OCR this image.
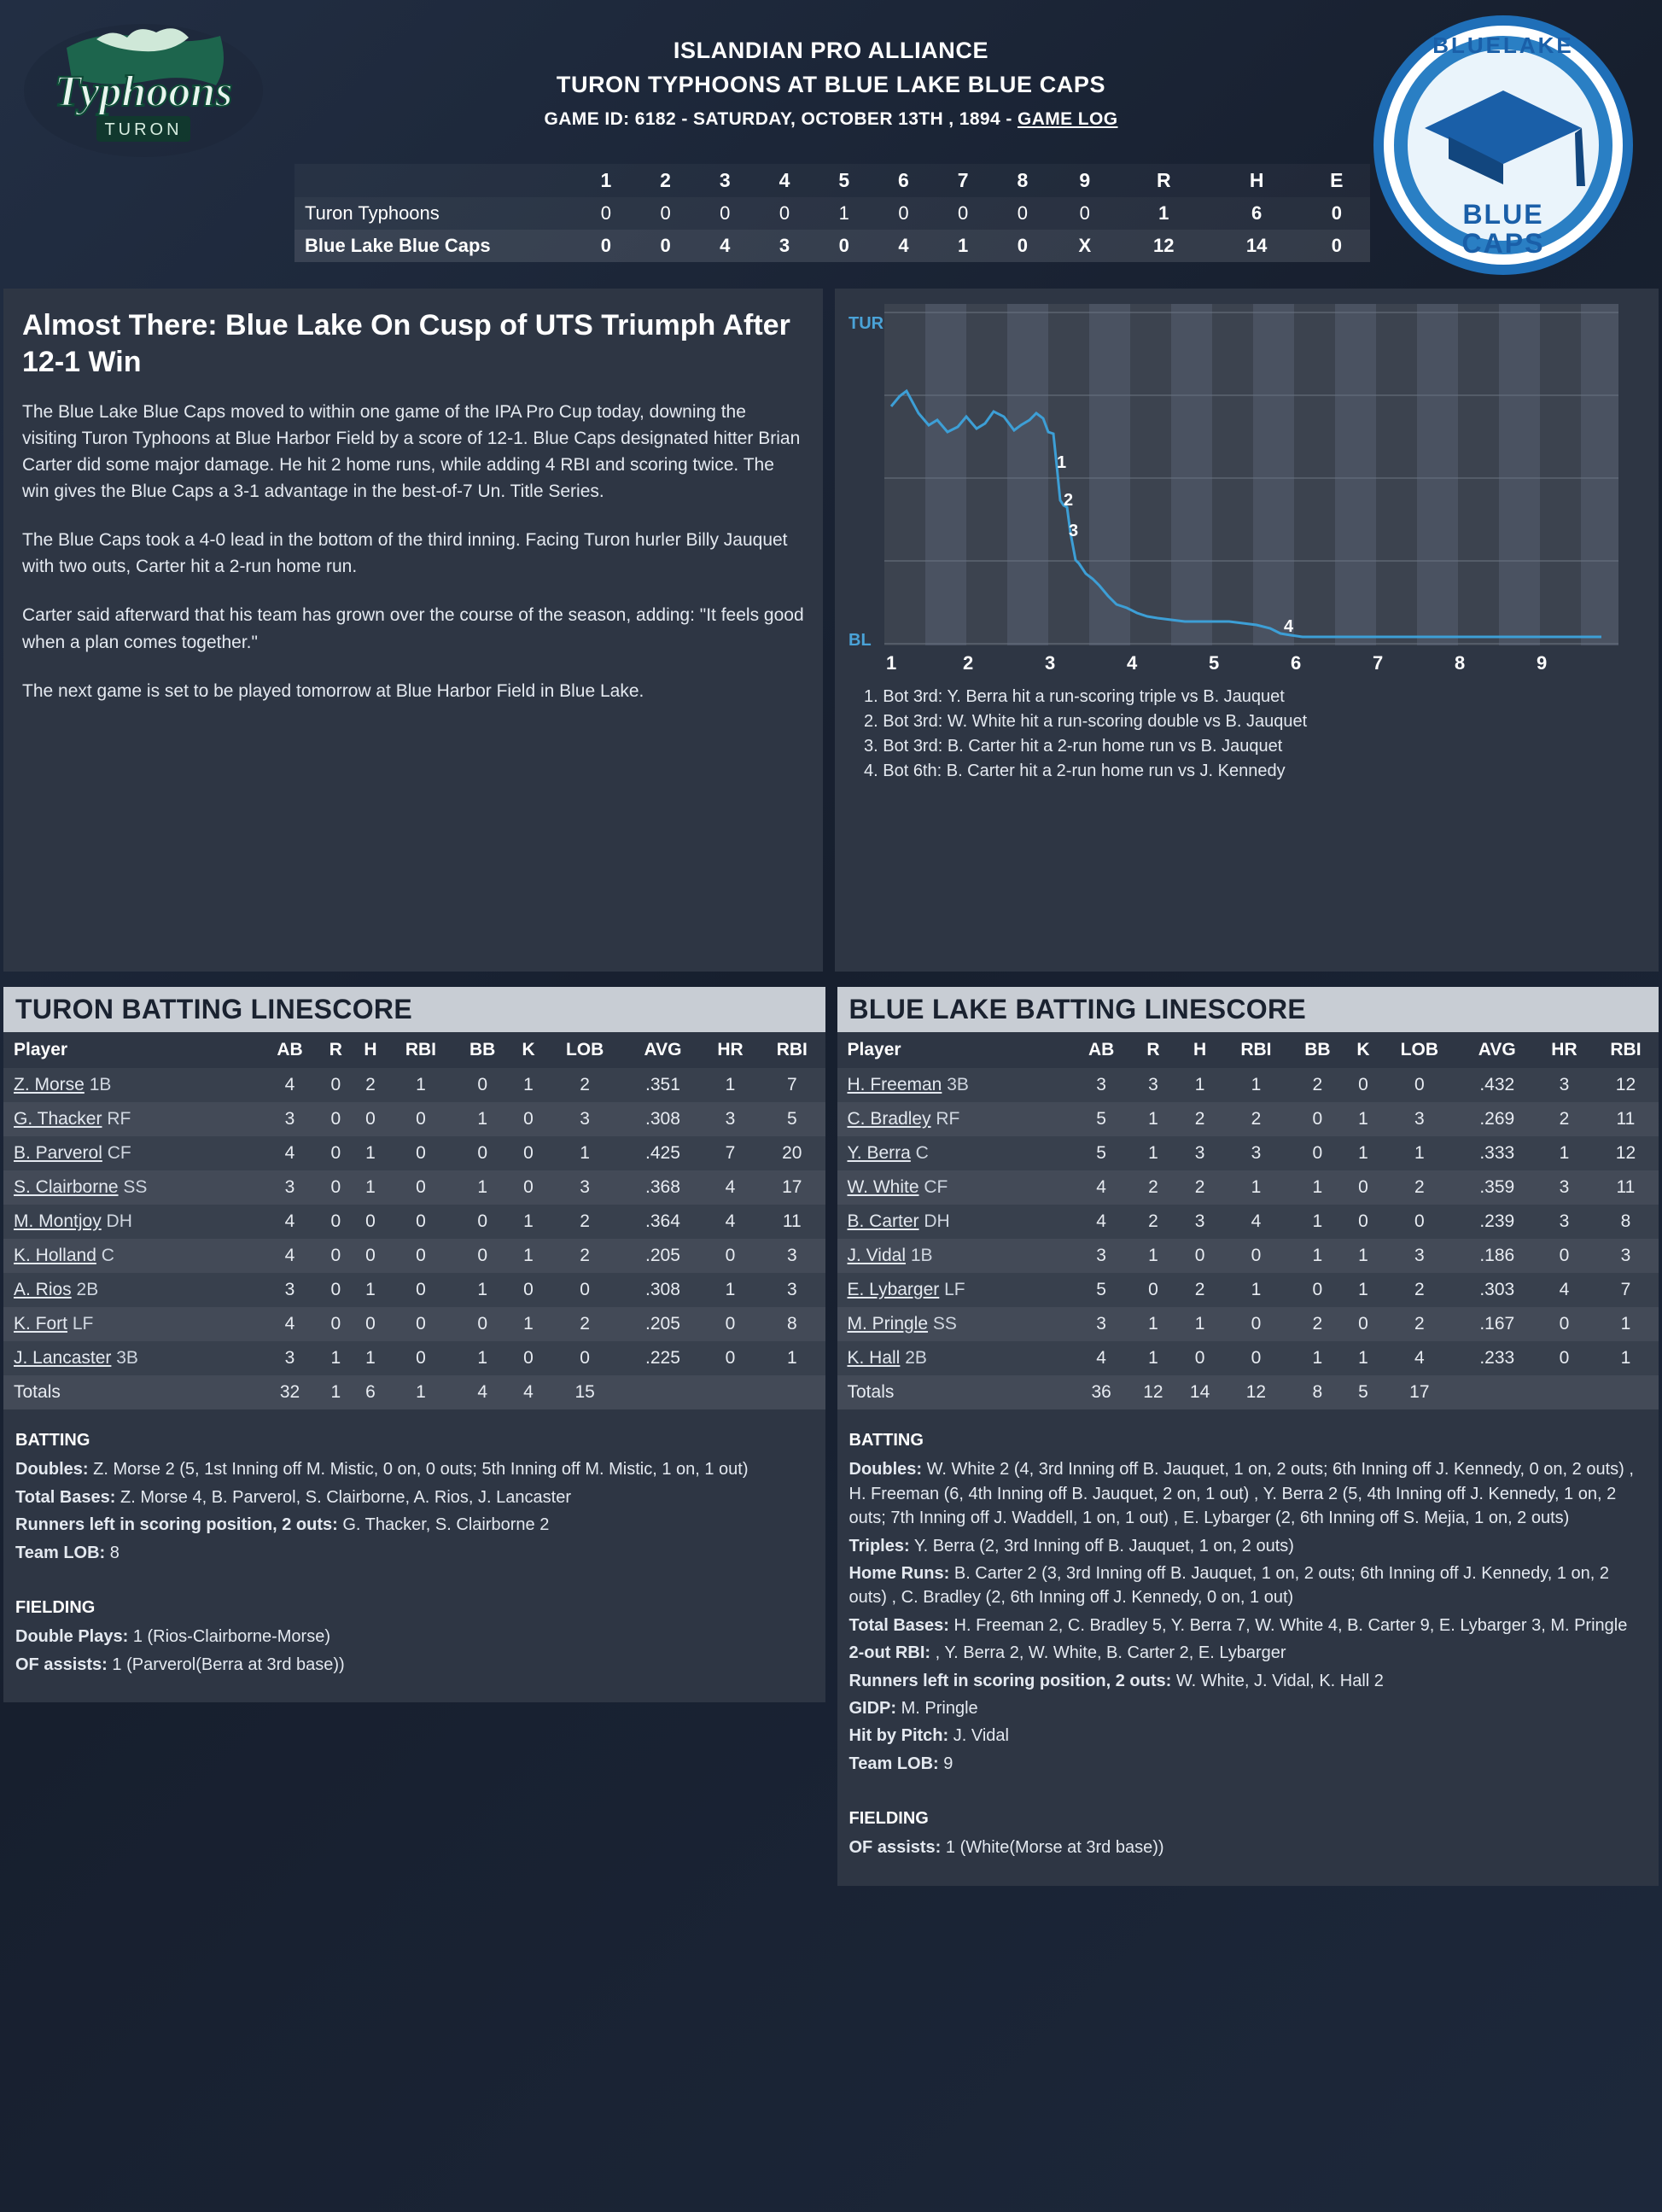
Typhoons
TURON
ISLANDIAN PRO ALLIANCE
TURON TYPHOONS AT BLUE LAKE BLUE CAPS
GAME ID: 6182 - SATURDAY, OCTOBER 13TH , 1894 - GAME LOG
BLUELAKE
BLUE
CAPS
	1	2	3	4	5	6	7	8	9	R	H	E
Turon Typhoons	0	0	0	0	1	0	0	0	0	1	6	0
Blue Lake Blue Caps	0	0	4	3	0	4	1	0	X	12	14	0
Almost There: Blue Lake On Cusp of UTS Triumph After 12-1 Win

The Blue Lake Blue Caps moved to within one game of the IPA Pro Cup today, downing the visiting Turon Typhoons at Blue Harbor Field by a score of 12-1. Blue Caps designated hitter Brian Carter did some major damage. He hit 2 home runs, while adding 4 RBI and scoring twice. The win gives the Blue Caps a 3-1 advantage in the best-of-7 Un. Title Series.

The Blue Caps took a 4-0 lead in the bottom of the third inning. Facing Turon hurler Billy Jauquet with two outs, Carter hit a 2-run home run.

Carter said afterward that his team has grown over the course of the season, adding: "It feels good when a plan comes together."

The next game is set to be played tomorrow at Blue Harbor Field in Blue Lake.

TUR
BL
1
2
3
4
1	2	3	4	5	6	7	8	9
1. Bot 3rd: Y. Berra hit a run-scoring triple vs B. Jauquet
2. Bot 3rd: W. White hit a run-scoring double vs B. Jauquet
3. Bot 3rd: B. Carter hit a 2-run home run vs B. Jauquet
4. Bot 6th: B. Carter hit a 2-run home run vs J. Kennedy
TURON BATTING LINESCORE
Player	AB	R	H	RBI	BB	K	LOB	AVG	HR	RBI
Z. Morse 1B	4	0	2	1	0	1	2	.351	1	7
G. Thacker RF	3	0	0	0	1	0	3	.308	3	5
B. Parverol CF	4	0	1	0	0	0	1	.425	7	20
S. Clairborne SS	3	0	1	0	1	0	3	.368	4	17
M. Montjoy DH	4	0	0	0	0	1	2	.364	4	11
K. Holland C	4	0	0	0	0	1	2	.205	0	3
A. Rios 2B	3	0	1	0	1	0	0	.308	1	3
K. Fort LF	4	0	0	0	0	1	2	.205	0	8
J. Lancaster 3B	3	1	1	0	1	0	0	.225	0	1
Totals	32	1	6	1	4	4	15			
BATTING
Doubles: Z. Morse 2 (5, 1st Inning off M. Mistic, 0 on, 0 outs; 5th Inning off M. Mistic, 1 on, 1 out)
Total Bases: Z. Morse 4, B. Parverol, S. Clairborne, A. Rios, J. Lancaster
Runners left in scoring position, 2 outs: G. Thacker, S. Clairborne 2
Team LOB: 8
FIELDING
Double Plays: 1 (Rios-Clairborne-Morse)
OF assists: 1 (Parverol(Berra at 3rd base))
BLUE LAKE BATTING LINESCORE
Player	AB	R	H	RBI	BB	K	LOB	AVG	HR	RBI
H. Freeman 3B	3	3	1	1	2	0	0	.432	3	12
C. Bradley RF	5	1	2	2	0	1	3	.269	2	11
Y. Berra C	5	1	3	3	0	1	1	.333	1	12
W. White CF	4	2	2	1	1	0	2	.359	3	11
B. Carter DH	4	2	3	4	1	0	0	.239	3	8
J. Vidal 1B	3	1	0	0	1	1	3	.186	0	3
E. Lybarger LF	5	0	2	1	0	1	2	.303	4	7
M. Pringle SS	3	1	1	0	2	0	2	.167	0	1
K. Hall 2B	4	1	0	0	1	1	4	.233	0	1
Totals	36	12	14	12	8	5	17			
BATTING
Doubles: W. White 2 (4, 3rd Inning off B. Jauquet, 1 on, 2 outs; 6th Inning off J. Kennedy, 0 on, 2 outs) , H. Freeman (6, 4th Inning off B. Jauquet, 2 on, 1 out) , Y. Berra 2 (5, 4th Inning off J. Kennedy, 1 on, 2 outs; 7th Inning off J. Waddell, 1 on, 1 out) , E. Lybarger (2, 6th Inning off S. Mejia, 1 on, 2 outs)
Triples: Y. Berra (2, 3rd Inning off B. Jauquet, 1 on, 2 outs)
Home Runs: B. Carter 2 (3, 3rd Inning off B. Jauquet, 1 on, 2 outs; 6th Inning off J. Kennedy, 1 on, 2 outs) , C. Bradley (2, 6th Inning off J. Kennedy, 0 on, 1 out)
Total Bases: H. Freeman 2, C. Bradley 5, Y. Berra 7, W. White 4, B. Carter 9, E. Lybarger 3, M. Pringle
2-out RBI: , Y. Berra 2, W. White, B. Carter 2, E. Lybarger
Runners left in scoring position, 2 outs: W. White, J. Vidal, K. Hall 2
GIDP: M. Pringle
Hit by Pitch: J. Vidal
Team LOB: 9
FIELDING
OF assists: 1 (White(Morse at 3rd base))
